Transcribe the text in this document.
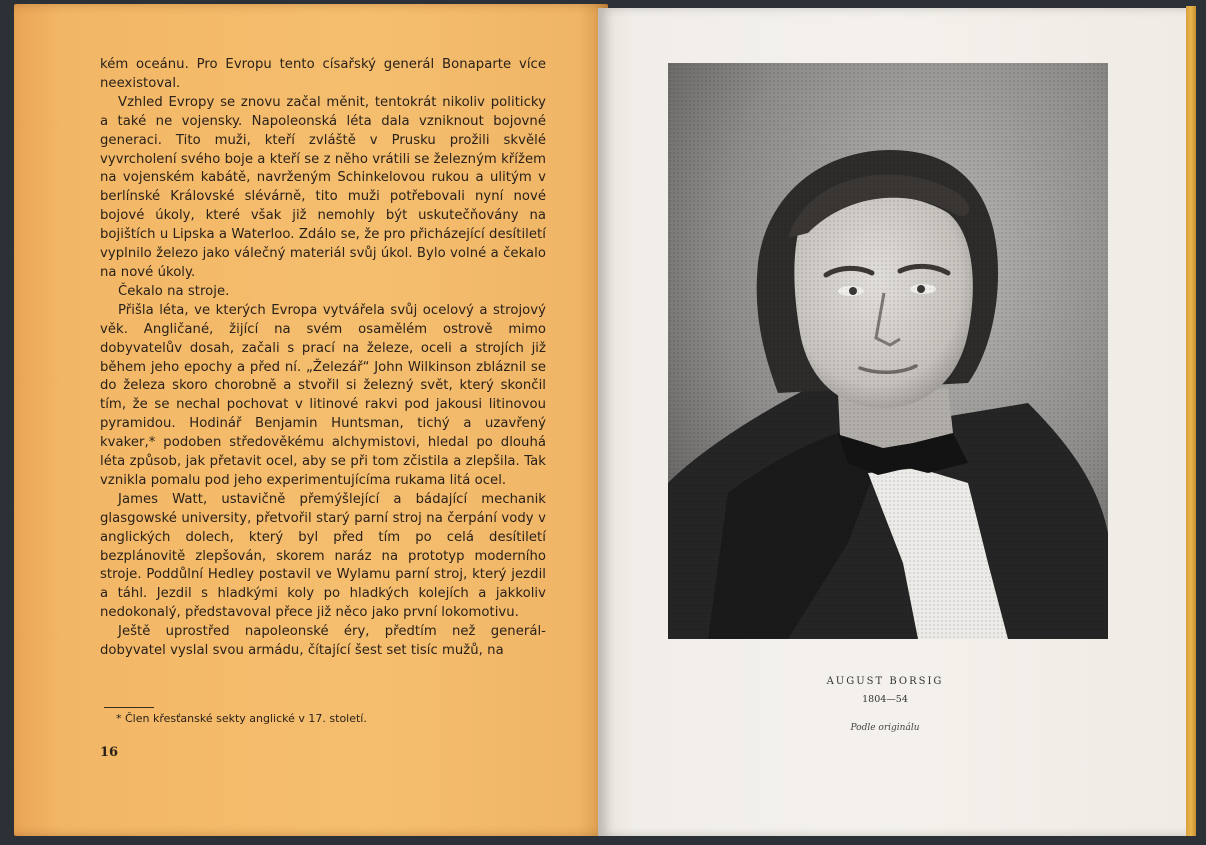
kém oceánu. Pro Evropu tento císařský generál Bonaparte více neexistoval.

Vzhled Evropy se znovu začal měnit, tentokrát nikoliv politicky a také ne vojensky. Napoleonská léta dala vzniknout bojovné generaci. Tito muži, kteří zvláště v Prusku prožili skvělé vyvrcholení svého boje a kteří se z něho vrátili se železným křížem na vojenském kabátě, navrženým Schinkelovou rukou a ulitým v berlínské Královské slévárně, tito muži potřebovali nyní nové bojové úkoly, které však již nemohly být uskutečňovány na bojištích u Lipska a Waterloo. Zdálo se, že pro přicházející desítiletí vyplnilo železo jako válečný materiál svůj úkol. Bylo volné a čekalo na nové úkoly.

Čekalo na stroje.

Přišla léta, ve kterých Evropa vytvářela svůj ocelový a strojový věk. Angličané, žijící na svém osamělém ostrově mimo dobyvatelův dosah, začali s prací na železe, oceli a strojích již během jeho epochy a před ní. „Železář“ John Wilkinson zbláznil se do železa skoro chorobně a stvořil si železný svět, který skončil tím, že se nechal pochovat v litinové rakvi pod jakousi litinovou pyramidou. Hodinář Benjamin Huntsman, tichý a uzavřený kvaker,* podoben středověkému alchymistovi, hledal po dlouhá léta způsob, jak přetavit ocel, aby se při tom zčistila a zlepšila. Tak vznikla pomalu pod jeho experimentujícíma rukama litá ocel.

James Watt, ustavičně přemýšlející a bádající mechanik glasgowské university, přetvořil starý parní stroj na čerpání vody v anglických dolech, který byl před tím po celá desítiletí bezplánovitě zlepšován, skorem naráz na prototyp moderního stroje. Poddůlní Hedley postavil ve Wylamu parní stroj, který jezdil a táhl. Jezdil s hladkými koly po hladkých kolejích a jakkoliv nedokonalý, představoval přece již něco jako první lokomotivu.

Ještě uprostřed napoleonské éry, předtím než generál-dobyvatel vyslal svou armádu, čítající šest set tisíc mužů, na

* Člen křesťanské sekty anglické v 17. století.
16
AUGUST BORSIG
1804—54
Podle originálu
